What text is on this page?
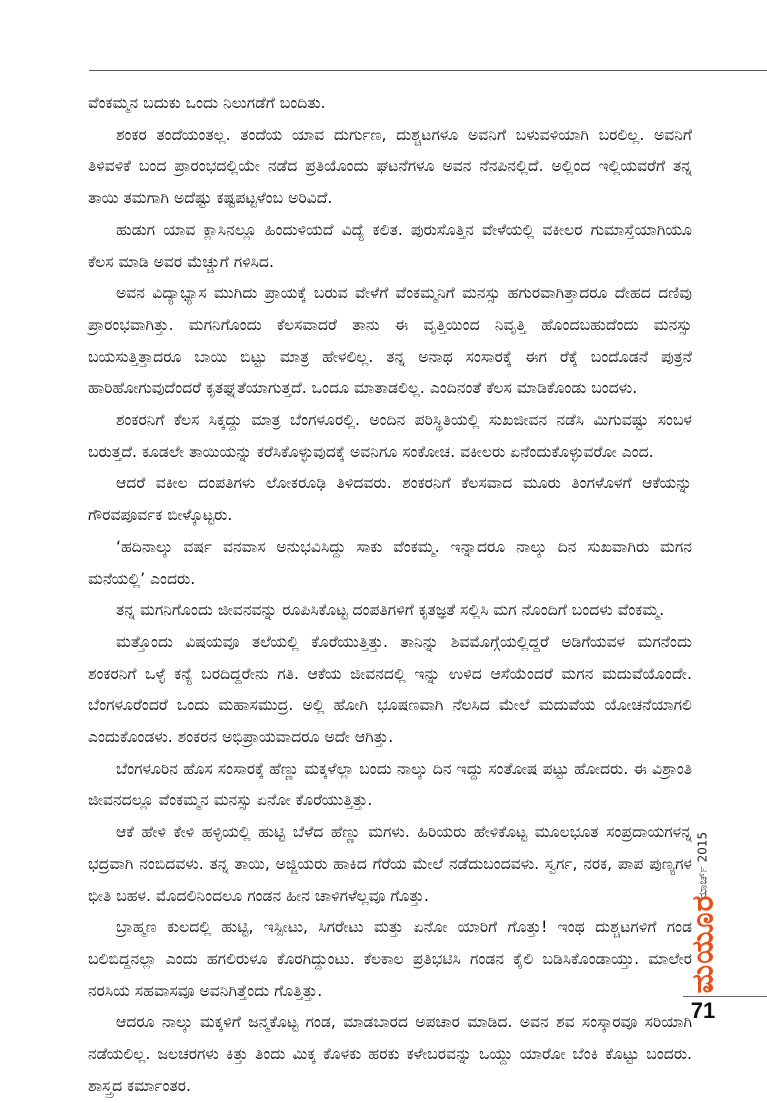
ವೆಂಕಮ್ಮನ ಬದುಕು ಒಂದು ನಿಲುಗಡೆಗೆ ಬಂದಿತು.

ಶಂಕರ ತಂದೆಯಂತಲ್ಲ. ತಂದೆಯ ಯಾವ ದುರ್ಗುಣ, ದುಶ್ಚಟಗಳೂ ಅವನಿಗೆ ಬಳುವಳಿಯಾಗಿ ಬರಲಿಲ್ಲ. ಅವನಿಗೆ ತಿಳಿವಳಿಕೆ ಬಂದ ಪ್ರಾರಂಭದಲ್ಲಿಯೇ ನಡೆದ ಪ್ರತಿಯೊಂದು ಘಟನೆಗಳೂ ಅವನ ನೆನಪಿನಲ್ಲಿದೆ. ಅಲ್ಲಿಂದ ಇಲ್ಲಿಯವರೆಗೆ ತನ್ನ ತಾಯಿ ತಮಗಾಗಿ ಅದೆಷ್ಟು ಕಷ್ಟಪಟ್ಟಳೆಂಬ ಅರಿವಿದೆ.

ಹುಡುಗ ಯಾವ ಕ್ಲಾಸಿನಲ್ಲೂ ಹಿಂದುಳಿಯದೆ ವಿದ್ಯೆ ಕಲಿತ. ಪುರುಸೊತ್ತಿನ ವೇಳೆಯಲ್ಲಿ ವಕೀಲರ ಗುಮಾಸ್ತೆಯಾಗಿಯೂ ಕೆಲಸ ಮಾಡಿ ಅವರ ಮೆಚ್ಚುಗೆ ಗಳಿಸಿದ.

ಅವನ ವಿದ್ಯಾಭ್ಯಾಸ ಮುಗಿದು ಪ್ರಾಯಕ್ಕೆ ಬರುವ ವೇಳೆಗೆ ವೆಂಕಮ್ಮನಿಗೆ ಮನಸ್ಸು ಹಗುರವಾಗಿತ್ತಾದರೂ ದೇಹದ ದಣಿವು ಪ್ರಾರಂಭವಾಗಿತ್ತು. ಮಗನಿಗೊಂದು ಕೆಲಸವಾದರೆ ತಾನು ಈ ವೃತ್ತಿಯಿಂದ ನಿವೃತ್ತಿ ಹೊಂದಬಹುದೆಂದು ಮನಸ್ಸು ಬಯಸುತ್ತಿತ್ತಾದರೂ ಬಾಯಿ ಬಿಟ್ಟು ಮಾತ್ರ ಹೇಳಲಿಲ್ಲ. ತನ್ನ ಅನಾಥ ಸಂಸಾರಕ್ಕೆ ಈಗ ರೆಕ್ಕೆ ಬಂದೊಡನೆ ಪುತ್ರನೆ ಹಾರಿಹೋಗುವುದೆಂದರೆ ಕೃತಘ್ನತೆಯಾಗುತ್ತದೆ. ಒಂದೂ ಮಾತಾಡಲಿಲ್ಲ. ಎಂದಿನಂತೆ ಕೆಲಸ ಮಾಡಿಕೊಂಡು ಬಂದಳು.

ಶಂಕರನಿಗೆ ಕೆಲಸ ಸಿಕ್ಕದ್ದು ಮಾತ್ರ ಬೆಂಗಳೂರಲ್ಲಿ. ಅಂದಿನ ಪರಿಸ್ಥಿತಿಯಲ್ಲಿ ಸುಖಜೀವನ ನಡೆಸಿ ಮಿಗುವಷ್ಟು ಸಂಬಳ ಬರುತ್ತದೆ. ಕೂಡಲೇ ತಾಯಿಯನ್ನು ಕರೆಸಿಕೊಳ್ಳುವುದಕ್ಕೆ ಅವನಿಗೂ ಸಂಕೋಚ. ವಕೀಲರು ಏನೆಂದುಕೊಳ್ಳುವರೋ ಎಂದ.

ಆದರೆ ವಕೀಲ ದಂಪತಿಗಳು ಲೋಕರೂಢಿ ತಿಳಿದವರು. ಶಂಕರನಿಗೆ ಕೆಲಸವಾದ ಮೂರು ತಿಂಗಳೊಳಗೆ ಆಕೆಯನ್ನು ಗೌರವಪೂರ್ವಕ ಬೀಳ್ಕೊಟ್ಟರು.

‘ಹದಿನಾಲ್ಕು ವರ್ಷ ವನವಾಸ ಅನುಭವಿಸಿದ್ದು ಸಾಕು ವೆಂಕಮ್ಮ. ಇನ್ನಾದರೂ ನಾಲ್ಕು ದಿನ ಸುಖವಾಗಿರು ಮಗನ ಮನೆಯಲ್ಲಿ’ ಎಂದರು.

ತನ್ನ ಮಗನಿಗೊಂದು ಜೀವನವನ್ನು ರೂಪಿಸಿಕೊಟ್ಟ ದಂಪತಿಗಳಿಗೆ ಕೃತಜ್ಞತೆ ಸಲ್ಲಿಸಿ ಮಗ ನೊಂದಿಗೆ ಬಂದಳು ವೆಂಕಮ್ಮ.

ಮತ್ತೊಂದು ವಿಷಯವೂ ತಲೆಯಲ್ಲಿ ಕೊರೆಯುತ್ತಿತ್ತು. ತಾನಿನ್ನು ಶಿವಮೊಗ್ಗೆಯಲ್ಲಿದ್ದರೆ ಅಡಿಗೆಯವಳ ಮಗನೆಂದು ಶಂಕರನಿಗೆ ಒಳ್ಳೆ ಕನ್ಯೆ ಬರದಿದ್ದರೇನು ಗತಿ. ಆಕೆಯ ಜೀವನದಲ್ಲಿ ಇನ್ನು ಉಳಿದ ಆಸೆಯೆಂದರೆ ಮಗನ ಮದುವೆಯೊಂದೇ. ಬೆಂಗಳೂರೆಂದರೆ ಒಂದು ಮಹಾಸಮುದ್ರ. ಅಲ್ಲಿ ಹೋಗಿ ಭೂಷಣವಾಗಿ ನೆಲಸಿದ ಮೇಲೆ ಮದುವೆಯ ಯೋಚನೆಯಾಗಲಿ ಎಂದುಕೊಂಡಳು. ಶಂಕರನ ಅಭಿಪ್ರಾಯವಾದರೂ ಅದೇ ಆಗಿತ್ತು.

ಬೆಂಗಳೂರಿನ ಹೊಸ ಸಂಸಾರಕ್ಕೆ ಹೆಣ್ಣು ಮಕ್ಕಳೆಲ್ಲಾ ಬಂದು ನಾಲ್ಕು ದಿನ ಇದ್ದು ಸಂತೋಷ ಪಟ್ಟು ಹೋದರು. ಈ ವಿಶ್ರಾಂತಿ ಜೀವನದಲ್ಲೂ ವೆಂಕಮ್ಮನ ಮನಸ್ಸು ಏನೋ ಕೊರೆಯುತ್ತಿತ್ತು.

ಆಕೆ ಹೇಳಿ ಕೇಳಿ ಹಳ್ಳಿಯಲ್ಲಿ ಹುಟ್ಟಿ ಬೆಳೆದ ಹೆಣ್ಣು ಮಗಳು. ಹಿರಿಯರು ಹೇಳಿಕೊಟ್ಟ ಮೂಲಭೂತ ಸಂಪ್ರದಾಯಗಳನ್ನ ಭದ್ರವಾಗಿ ನಂಬಿದವಳು. ತನ್ನ ತಾಯಿ, ಅಜ್ಜಿಯರು ಹಾಕಿದ ಗೆರೆಯ ಮೇಲೆ ನಡೆದುಬಂದವಳು. ಸ್ವರ್ಗ, ನರಕ, ಪಾಪ ಪುಣ್ಯಗಳ ಭೀತಿ ಬಹಳ. ಮೊದಲಿನಿಂದಲೂ ಗಂಡನ ಹೀನ ಚಾಳಿಗಳೆಲ್ಲವೂ ಗೊತ್ತು.

ಬ್ರಾಹ್ಮಣ ಕುಲದಲ್ಲಿ ಹುಟ್ಟಿ, ಇಸ್ಪೀಟು, ಸಿಗರೇಟು ಮತ್ತು ಏನೋ ಯಾರಿಗೆ ಗೊತ್ತು! ಇಂಥ ದುಶ್ಚಟಗಳಿಗೆ ಗಂಡ ಬಲಿಬಿದ್ದನಲ್ಲಾ ಎಂದು ಹಗಲಿರುಳೂ ಕೊರಗಿದ್ದುಂಟು. ಕೆಲಕಾಲ ಪ್ರತಿಭಟಿಸಿ ಗಂಡನ ಕೈಲಿ ಬಡಿಸಿಕೊಂಡಾಯ್ತು. ಮಾಲೇರ ನರಸಿಯ ಸಹವಾಸವೂ ಅವನಿಗಿತ್ತೆಂದು ಗೊತ್ತಿತ್ತು.

ಆದರೂ ನಾಲ್ಕು ಮಕ್ಕಳಿಗೆ ಜನ್ಮಕೊಟ್ಟ ಗಂಡ, ಮಾಡಬಾರದ ಅಪಚಾರ ಮಾಡಿದ. ಅವನ ಶವ ಸಂಸ್ಕಾರವೂ ಸರಿಯಾಗಿ ನಡೆಯಲಿಲ್ಲ. ಜಲಚರಗಳು ಕಿತ್ತು ತಿಂದು ಮಿಕ್ಕ ಕೊಳಕು ಹರಕು ಕಳೇಬರವನ್ನು ಒಯ್ದು ಯಾರೋ ಬೆಂಕಿ ಕೊಟ್ಟು ಬಂದರು. ಶಾಸ್ತ್ರದ ಕರ್ಮಾಂತರ.

ಮಾರ್ಚ್ 2015
ಮಯೂರ
71
